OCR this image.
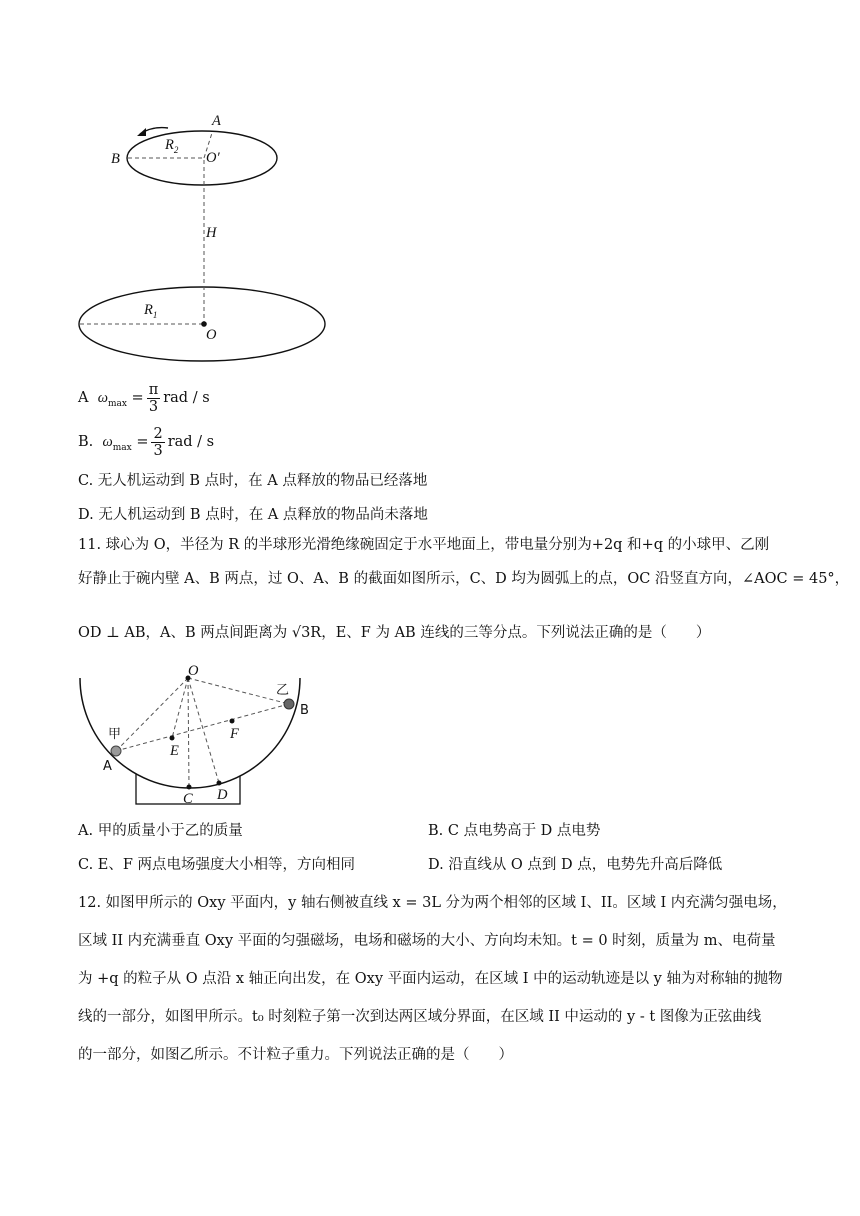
A
B
$R_2$
O′
H
$R_1$
O
A $\omega_{max} = \frac{\pi}{3}$ rad / s
B. $\omega_{max} = \frac{2}{3}$ rad / s
C. 无人机运动到 B 点时，在 A 点释放的物品已经落地
D. 无人机运动到 B 点时，在 A 点释放的物品尚未落地
11. 球心为 O，半径为 R 的半球形光滑绝缘碗固定于水平地面上，带电量分别为+2q 和+q 的小球甲、乙刚
好静止于碗内壁 A、B 两点，过 O、A、B 的截面如图所示，C、D 均为圆弧上的点，OC 沿竖直方向，∠AOC = 45°，
OD ⊥ AB，A、B 两点间距离为 √3R，E、F 为 AB 连线的三等分点。下列说法正确的是（　　）
O
乙
B
甲
A
E
F
C D
A. 甲的质量小于乙的质量	B. C 点电势高于 D 点电势
C. E、F 两点电场强度大小相等，方向相同	D. 沿直线从 O 点到 D 点，电势先升高后降低
12. 如图甲所示的 Oxy 平面内，y 轴右侧被直线 x = 3L 分为两个相邻的区域 I、II。区域 I 内充满匀强电场，
区域 II 内充满垂直 Oxy 平面的匀强磁场，电场和磁场的大小、方向均未知。t = 0 时刻，质量为 m、电荷量
为 +q 的粒子从 O 点沿 x 轴正向出发，在 Oxy 平面内运动，在区域 I 中的运动轨迹是以 y 轴为对称轴的抛物
线的一部分，如图甲所示。t₀ 时刻粒子第一次到达两区域分界面，在区域 II 中运动的 y - t 图像为正弦曲线
的一部分，如图乙所示。不计粒子重力。下列说法正确的是（　　）
